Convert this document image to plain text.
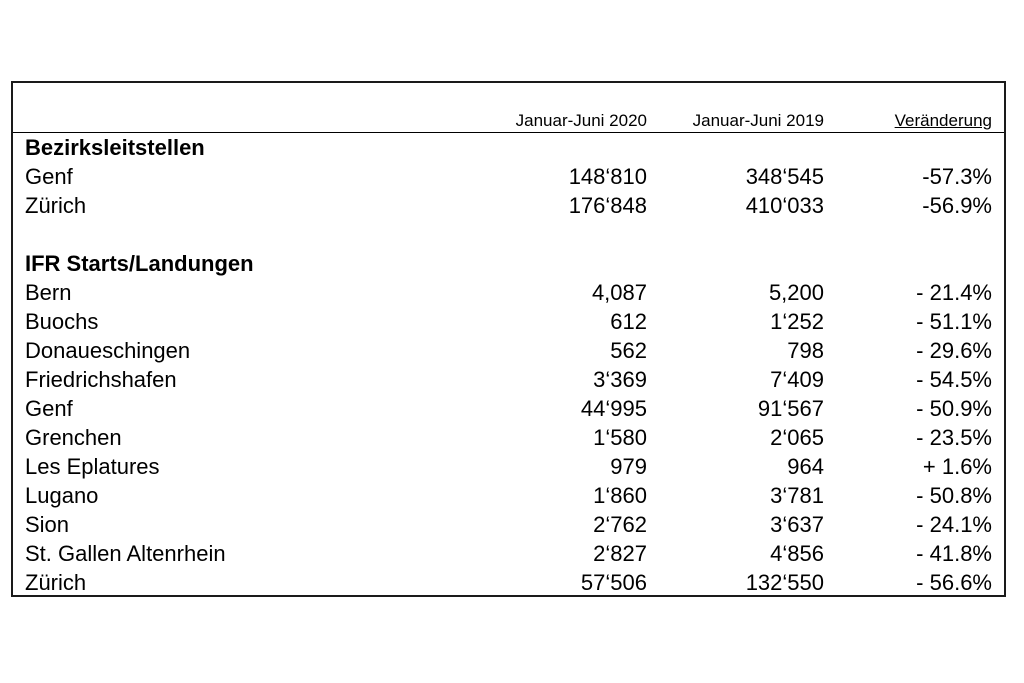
Januar-Juni 2020	Januar-Juni 2019	Veränderung
Bezirksleitstellen
Genf	148‘810	348‘545	-57.3%
Zürich	176‘848	410‘033	-56.9%
IFR Starts/Landungen
Bern	4,087	5,200	- 21.4%
Buochs	612	1‘252	- 51.1%
Donaueschingen	562	798	- 29.6%
Friedrichshafen	3‘369	7‘409	- 54.5%
Genf	44‘995	91‘567	- 50.9%
Grenchen	1‘580	2‘065	- 23.5%
Les Eplatures	979	964	+ 1.6%
Lugano	1‘860	3‘781	- 50.8%
Sion	2‘762	3‘637	- 24.1%
St. Gallen Altenrhein	2‘827	4‘856	- 41.8%
Zürich	57‘506	132‘550	- 56.6%
